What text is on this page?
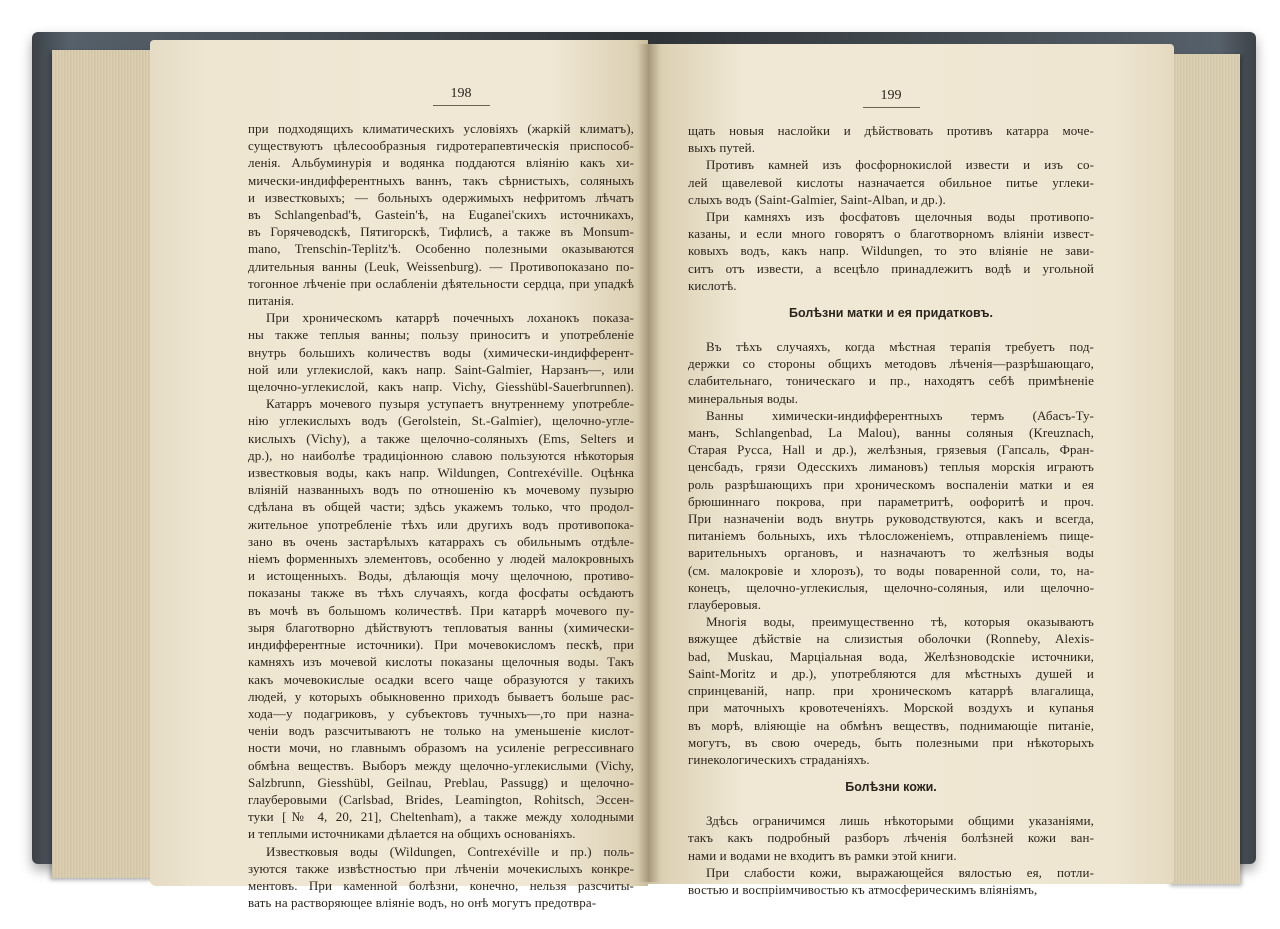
198
при подходящихъ климатическихъ условіяхъ (жаркій климатъ),
существуютъ цѣлесообразныя гидротерапевтическія приспособ-
ленія. Альбуминурія и водянка поддаются вліянію какъ хи-
мически-индифферентныхъ ваннъ, такъ сѣрнистыхъ, соляныхъ
и известковыхъ; — больныхъ одержимыхъ нефритомъ лѣчатъ
въ Schlangenbad'ѣ, Gastein'ѣ, на Euganei'скихъ источникахъ,
въ Горячеводскѣ, Пятигорскѣ, Тифлисѣ, а также въ Monsum-
mano, Trenschin-Teplitz'ѣ. Особенно полезными оказываются
длительныя ванны (Leuk, Weissenburg). — Противопоказано по-
тогонное лѣченіе при ослабленіи дѣятельности сердца, при упадкѣ
питанія.
При хроническомъ катаррѣ почечныхъ лоханокъ показа-
ны также теплыя ванны; пользу приноситъ и употребленіе
внутрь большихъ количествъ воды (химически-индифферент-
ной или углекислой, какъ напр. Saint-Galmier, Нарзанъ—, или
щелочно-углекислой, какъ напр. Vichy, Giesshübl-Sauerbrunnen).
Катарръ мочевого пузыря уступаетъ внутреннему употребле-
нію углекислыхъ водъ (Gerolstein, St.-Galmier), щелочно-угле-
кислыхъ (Vichy), а также щелочно-соляныхъ (Ems, Selters и
др.), но наиболѣе традиціонною славою пользуются нѣкоторыя
известковыя воды, какъ напр. Wildungen, Contrexéville. Оцѣнка
вліяній названныхъ водъ по отношенію къ мочевому пузырю
сдѣлана въ общей части; здѣсь укажемъ только, что продол-
жительное употребленіе тѣхъ или другихъ водъ противопока-
зано въ очень застарѣлыхъ катаррахъ съ обильнымъ отдѣле-
ніемъ форменныхъ элементовъ, особенно у людей малокровныхъ
и истощенныхъ. Воды, дѣлающія мочу щелочною, противо-
показаны также въ тѣхъ случаяхъ, когда фосфаты осѣдаютъ
въ мочѣ въ большомъ количествѣ. При катаррѣ мочевого пу-
зыря благотворно дѣйствуютъ тепловатыя ванны (химически-
индифферентные источники). При мочевокисломъ пескѣ, при
камняхъ изъ мочевой кислоты показаны щелочныя воды. Такъ
какъ мочевокислые осадки всего чаще образуются у такихъ
людей, у которыхъ обыкновенно приходъ бываетъ больше рас-
хода—у подагриковъ, у субъектовъ тучныхъ—,то при назна-
ченіи водъ разсчитываютъ не только на уменьшеніе кислот-
ности мочи, но главнымъ образомъ на усиленіе регрессивнаго
обмѣна веществъ. Выборъ между щелочно-углекислыми (Vichy,
Salzbrunn, Giesshübl, Geilnau, Preblau, Passugg) и щелочно-
глауберовыми (Carlsbad, Brides, Leamington, Rohitsch, Эссен-
туки [№ 4, 20, 21], Cheltenham), а также между холодными
и теплыми источниками дѣлается на общихъ основаніяхъ.
Известковыя воды (Wildungen, Contrexéville и пр.) поль-
зуются также извѣстностью при лѣченіи мочекислыхъ конкре-
ментовъ. При каменной болѣзни, конечно, нельзя разсчиты-
вать на растворяющее вліяніе водъ, но онѣ могутъ предотвра-
199
щать новыя наслойки и дѣйствовать противъ катарра моче-
выхъ путей.
Противъ камней изъ фосфорнокислой извести и изъ со-
лей щавелевой кислоты назначается обильное питье углеки-
слыхъ водъ (Saint-Galmier, Saint-Alban, и др.).
При камняхъ изъ фосфатовъ щелочныя воды противопо-
казаны, и если много говорятъ о благотворномъ вліяніи извест-
ковыхъ водъ, какъ напр. Wildungen, то это вліяніе не зави-
ситъ отъ извести, а всецѣло принадлежитъ водѣ и угольной
кислотѣ.
Болѣзни матки и ея придатковъ.
Въ тѣхъ случаяхъ, когда мѣстная терапія требуетъ под-
держки со стороны общихъ методовъ лѣченія—разрѣшающаго,
слабительнаго, тоническаго и пр., находятъ себѣ примѣненіе
минеральныя воды.
Ванны химически-индифферентныхъ термъ (Абасъ-Ту-
манъ, Schlangenbad, La Malou), ванны соляныя (Kreuznach,
Старая Русса, Hall и др.), желѣзныя, грязевыя (Гапсаль, Фран-
ценсбадъ, грязи Одесскихъ лимановъ) теплыя морскія играютъ
роль разрѣшающихъ при хроническомъ воспаленіи матки и ея
брюшиннаго покрова, при параметритѣ, оофоритѣ и проч.
При назначеніи водъ внутрь руководствуются, какъ и всегда,
питаніемъ больныхъ, ихъ тѣлосложеніемъ, отправленіемъ пище-
варительныхъ органовъ, и назначаютъ то желѣзныя воды
(см. малокровіе и хлорозъ), то воды поваренной соли, то, на-
конецъ, щелочно-углекислыя, щелочно-соляныя, или щелочно-
глауберовыя.
Многія воды, преимущественно тѣ, которыя оказываютъ
вяжущее дѣйствіе на слизистыя оболочки (Ronneby, Alexis-
bad, Muskau, Марціальная вода, Желѣзноводскіе источники,
Saint-Moritz и др.), употребляются для мѣстныхъ душей и
спринцеваній, напр. при хроническомъ катаррѣ влагалища,
при маточныхъ кровотеченіяхъ. Морской воздухъ и купанья
въ морѣ, вліяющіе на обмѣнъ веществъ, поднимающіе питаніе,
могутъ, въ свою очередь, быть полезными при нѣкоторыхъ
гинекологическихъ страданіяхъ.
Болѣзни кожи.
Здѣсь ограничимся лишь нѣкоторыми общими указаніями,
такъ какъ подробный разборъ лѣченія болѣзней кожи ван-
нами и водами не входитъ въ рамки этой книги.
При слабости кожи, выражающейся вялостью ея, потли-
востью и воспріимчивостью къ атмосферическимъ вліяніямъ,
